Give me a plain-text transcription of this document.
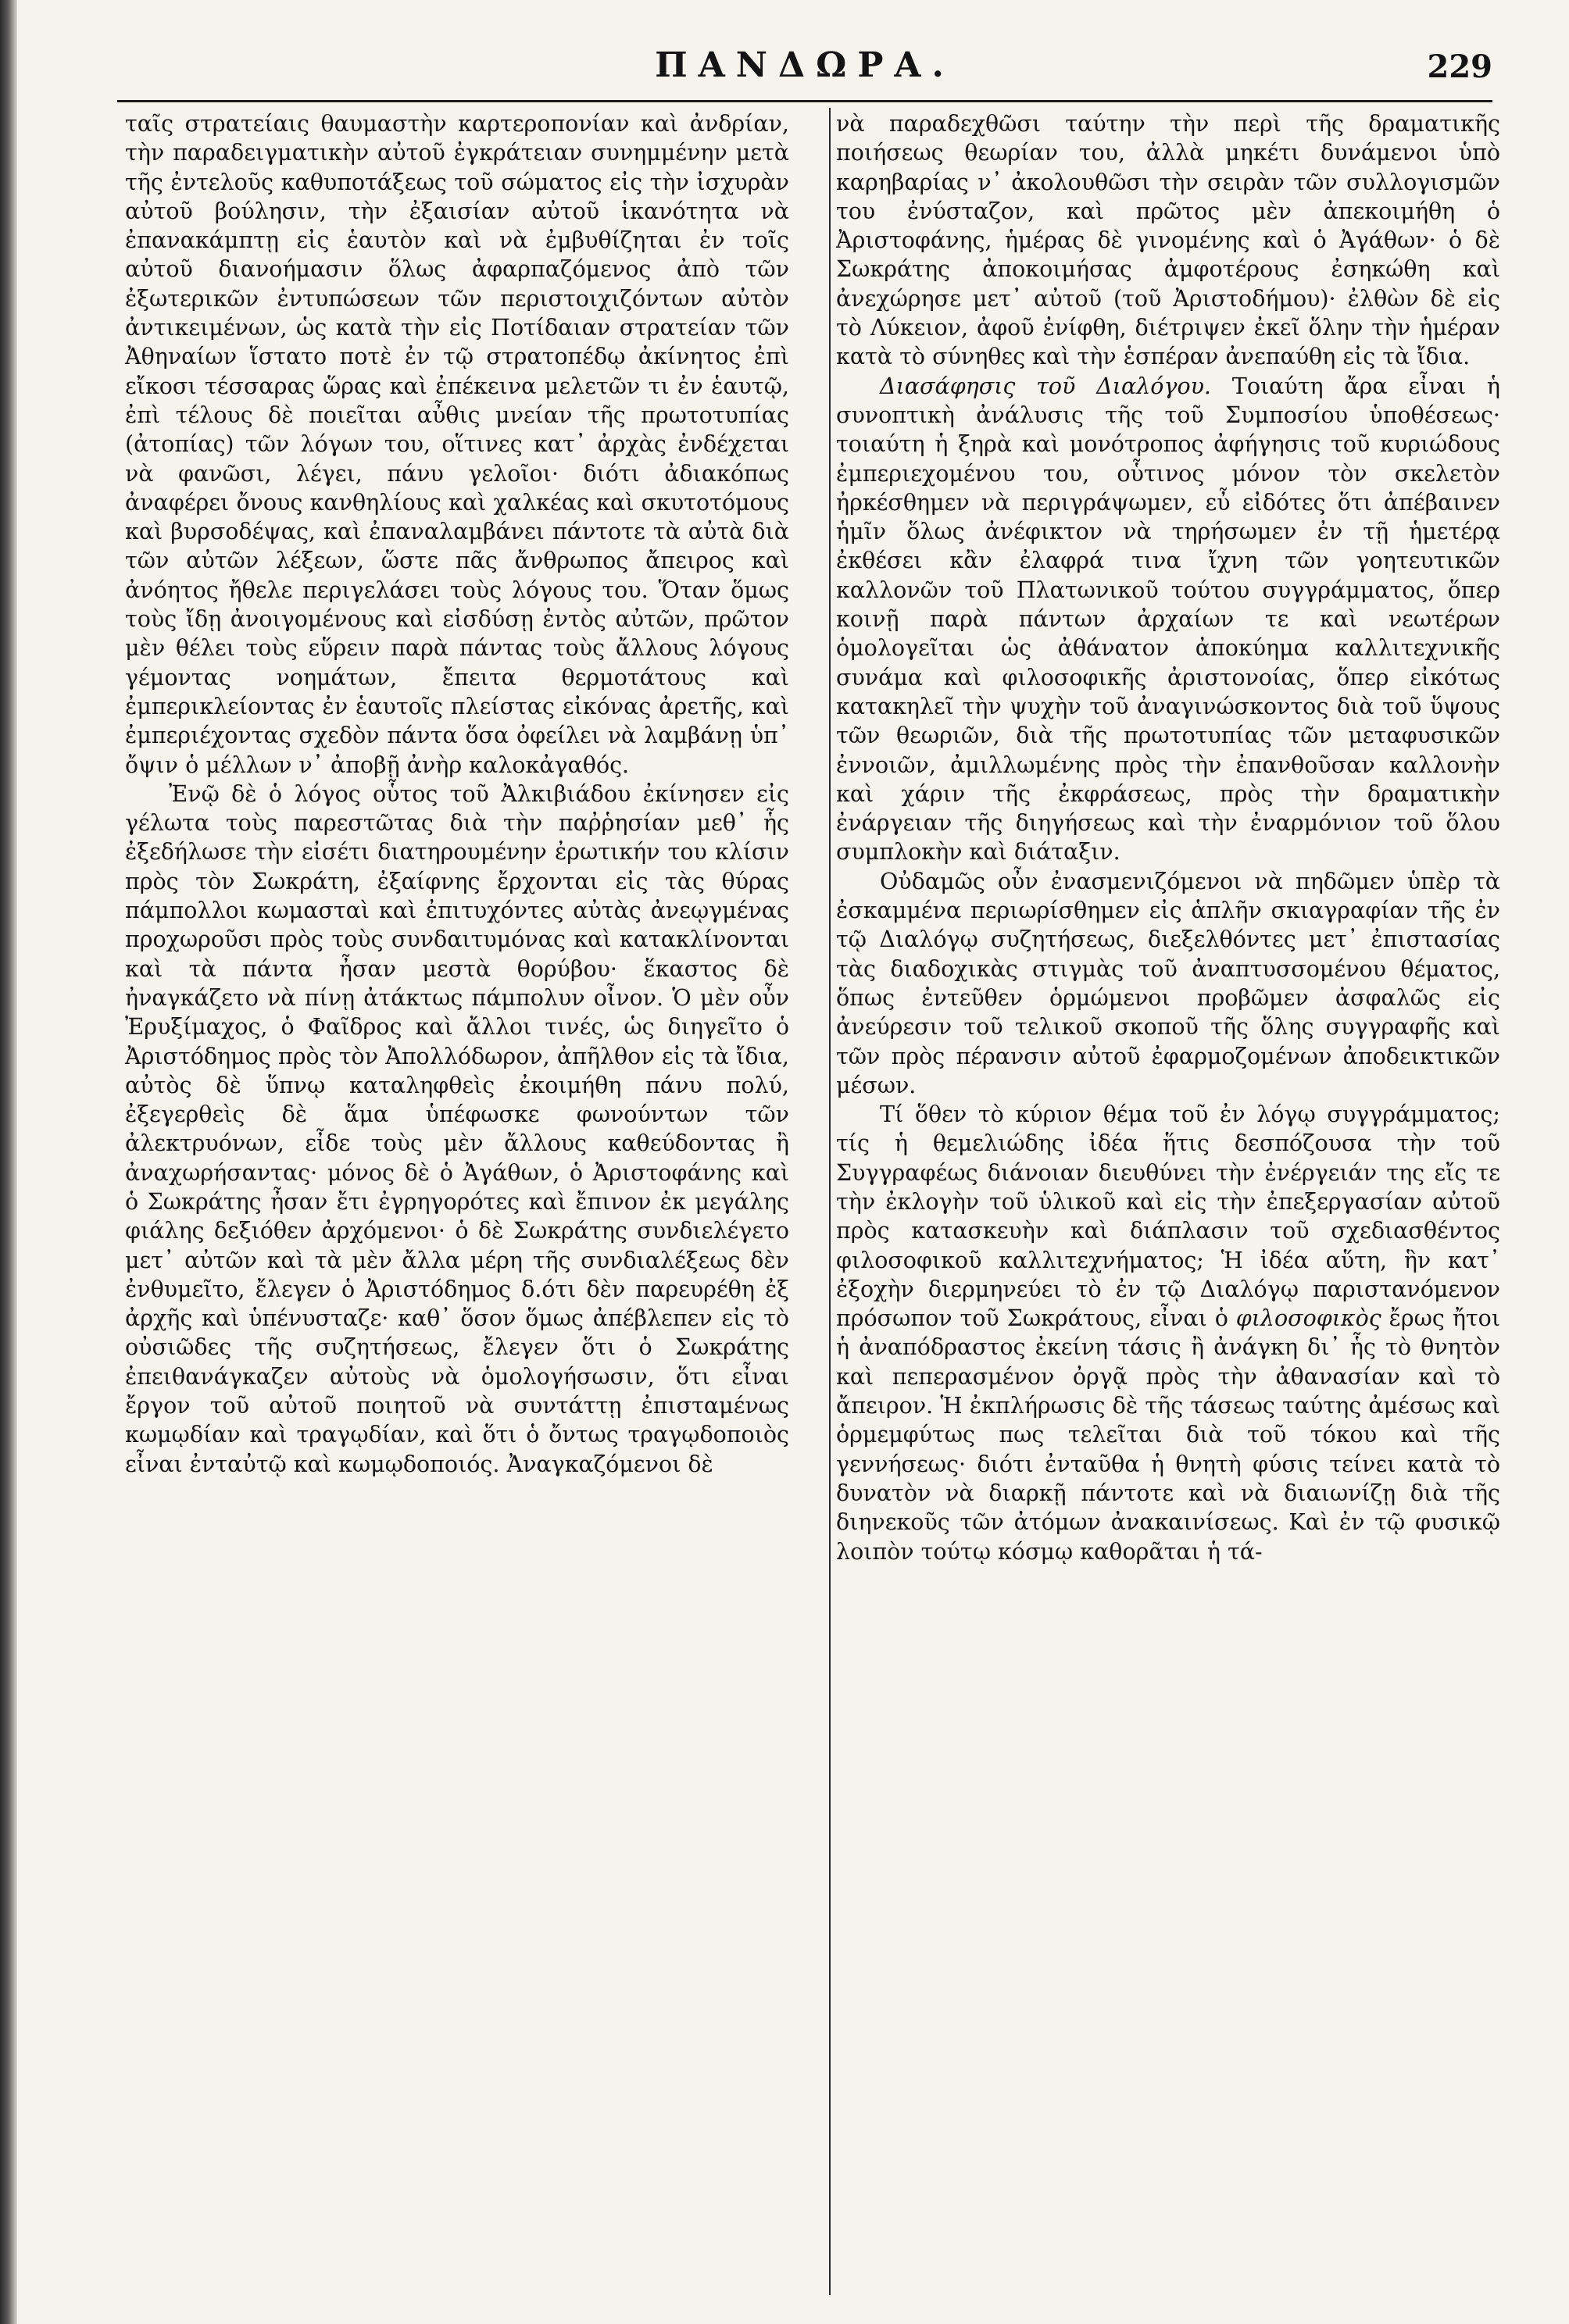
ΠΑΝΔΩΡΑ.	229

ταῖς στρατείαις θαυμαστὴν καρτεροπονίαν καὶ ἀνδρίαν, τὴν παραδειγματικὴν αὐτοῦ ἐγκράτειαν συνημμένην μετὰ τῆς ἐντελοῦς καθυποτάξεως τοῦ σώματος εἰς τὴν ἰσχυρὰν αὐτοῦ βούλησιν, τὴν ἐξαισίαν αὐτοῦ ἱκανότητα νὰ ἐπανακάμπτῃ εἰς ἑαυτὸν καὶ νὰ ἐμβυθίζηται ἐν τοῖς αὐτοῦ διανοήμασιν ὅλως ἀφαρπαζόμενος ἀπὸ τῶν ἐξωτερικῶν ἐντυπώσεων τῶν περιστοιχιζόντων αὐτὸν ἀντικειμένων, ὡς κατὰ τὴν εἰς Ποτίδαιαν στρατείαν τῶν Ἀθηναίων ἵστατο ποτὲ ἐν τῷ στρατοπέδῳ ἀκίνητος ἐπὶ εἴκοσι τέσσαρας ὥρας καὶ ἐπέκεινα μελετῶν τι ἐν ἑαυτῷ, ἐπὶ τέλους δὲ ποιεῖται αὖθις μνείαν τῆς πρωτοτυπίας (ἀτοπίας) τῶν λόγων του, οἵτινες κατ᾽ ἀρχὰς ἐνδέχεται νὰ φανῶσι, λέγει, πάνυ γελοῖοι· διότι ἀδιακόπως ἀναφέρει ὄνους κανθηλίους καὶ χαλκέας καὶ σκυτοτόμους καὶ βυρσοδέψας, καὶ ἐπαναλαμβάνει πάντοτε τὰ αὐτὰ διὰ τῶν αὐτῶν λέξεων, ὥστε πᾶς ἄνθρωπος ἄπειρος καὶ ἀνόητος ἤθελε περιγελάσει τοὺς λόγους του. Ὅταν ὅμως τοὺς ἴδῃ ἀνοιγομένους καὶ εἰσδύσῃ ἐντὸς αὐτῶν, πρῶτον μὲν θέλει τοὺς εὕρειν παρὰ πάντας τοὺς ἄλλους λόγους γέμοντας νοημάτων, ἔπειτα θερμοτάτους καὶ ἐμπερικλείοντας ἐν ἑαυτοῖς πλείστας εἰκόνας ἀρετῆς, καὶ ἐμπεριέχοντας σχεδὸν πάντα ὅσα ὀφείλει νὰ λαμβάνῃ ὑπ᾽ ὄψιν ὁ μέλλων ν᾽ ἀποβῇ ἀνὴρ καλοκἀγαθός.

Ἐνῷ δὲ ὁ λόγος οὗτος τοῦ Ἀλκιβιάδου ἐκίνησεν εἰς γέλωτα τοὺς παρεστῶτας διὰ τὴν παῤῥησίαν μεθ᾽ ἧς ἐξεδήλωσε τὴν εἰσέτι διατηρουμένην ἐρωτικήν του κλίσιν πρὸς τὸν Σωκράτη, ἐξαίφνης ἔρχονται εἰς τὰς θύρας πάμπολλοι κωμασταὶ καὶ ἐπιτυχόντες αὐτὰς ἀνεῳγμένας προχωροῦσι πρὸς τοὺς συνδαιτυμόνας καὶ κατακλίνονται καὶ τὰ πάντα ἦσαν μεστὰ θορύβου· ἕκαστος δὲ ἠναγκάζετο νὰ πίνῃ ἀτάκτως πάμπολυν οἶνον. Ὁ μὲν οὖν Ἐρυξίμαχος, ὁ Φαῖδρος καὶ ἄλλοι τινές, ὡς διηγεῖτο ὁ Ἀριστόδημος πρὸς τὸν Ἀπολλόδωρον, ἀπῆλθον εἰς τὰ ἴδια, αὐτὸς δὲ ὕπνῳ καταληφθεὶς ἐκοιμήθη πάνυ πολύ, ἐξεγερθεὶς δὲ ἅμα ὑπέφωσκε φωνούντων τῶν ἀλεκτρυόνων, εἶδε τοὺς μὲν ἄλλους καθεύδοντας ἢ ἀναχωρήσαντας· μόνος δὲ ὁ Ἀγάθων, ὁ Ἀριστοφάνης καὶ ὁ Σωκράτης ἦσαν ἔτι ἐγρηγορότες καὶ ἔπινον ἐκ μεγάλης φιάλης δεξιόθεν ἀρχόμενοι· ὁ δὲ Σωκράτης συνδιελέγετο μετ᾽ αὐτῶν καὶ τὰ μὲν ἄλλα μέρη τῆς συνδιαλέξεως δὲν ἐνθυμεῖτο, ἔλεγεν ὁ Ἀριστόδημος δ.ότι δὲν παρευρέθη ἐξ ἀρχῆς καὶ ὑπένυσταζε· καθ᾽ ὅσον ὅμως ἀπέβλεπεν εἰς τὸ οὐσιῶδες τῆς συζητήσεως, ἔλεγεν ὅτι ὁ Σωκράτης ἐπειθανάγκαζεν αὐτοὺς νὰ ὁμολογήσωσιν, ὅτι εἶναι ἔργον τοῦ αὐτοῦ ποιητοῦ νὰ συντάττῃ ἐπισταμένως κωμῳδίαν καὶ τραγῳδίαν, καὶ ὅτι ὁ ὄντως τραγῳδοποιὸς εἶναι ἐνταὐτῷ καὶ κωμῳδοποιός. Ἀναγκαζόμενοι δὲ

νὰ παραδεχθῶσι ταύτην τὴν περὶ τῆς δραματικῆς ποιήσεως θεωρίαν του, ἀλλὰ μηκέτι δυνάμενοι ὑπὸ καρηβαρίας ν᾽ ἀκολουθῶσι τὴν σειρὰν τῶν συλλογισμῶν του ἐνύσταζον, καὶ πρῶτος μὲν ἀπεκοιμήθη ὁ Ἀριστοφάνης, ἡμέρας δὲ γινομένης καὶ ὁ Ἀγάθων· ὁ δὲ Σωκράτης ἀποκοιμήσας ἀμφοτέρους ἐσηκώθη καὶ ἀνεχώρησε μετ᾽ αὐτοῦ (τοῦ Ἀριστοδήμου)· ἐλθὼν δὲ εἰς τὸ Λύκειον, ἀφοῦ ἐνίφθη, διέτριψεν ἐκεῖ ὅλην τὴν ἡμέραν κατὰ τὸ σύνηθες καὶ τὴν ἑσπέραν ἀνεπαύθη εἰς τὰ ἴδια.

Διασάφησις τοῦ Διαλόγου. Τοιαύτη ἄρα εἶναι ἡ συνοπτικὴ ἀνάλυσις τῆς τοῦ Συμποσίου ὑποθέσεως· τοιαύτη ἡ ξηρὰ καὶ μονότροπος ἀφήγησις τοῦ κυριώδους ἐμπεριεχομένου του, οὗτινος μόνον τὸν σκελετὸν ἠρκέσθημεν νὰ περιγράψωμεν, εὖ εἰδότες ὅτι ἀπέβαινεν ἡμῖν ὅλως ἀνέφικτον νὰ τηρήσωμεν ἐν τῇ ἡμετέρᾳ ἐκθέσει κἂν ἐλαφρά τινα ἴχνη τῶν γοητευτικῶν καλλονῶν τοῦ Πλατωνικοῦ τούτου συγγράμματος, ὅπερ κοινῇ παρὰ πάντων ἀρχαίων τε καὶ νεωτέρων ὁμολογεῖται ὡς ἀθάνατον ἀποκύημα καλλιτεχνικῆς συνάμα καὶ φιλοσοφικῆς ἀριστονοίας, ὅπερ εἰκότως κατακηλεῖ τὴν ψυχὴν τοῦ ἀναγινώσκοντος διὰ τοῦ ὕψους τῶν θεωριῶν, διὰ τῆς πρωτοτυπίας τῶν μεταφυσικῶν ἐννοιῶν, ἀμιλλωμένης πρὸς τὴν ἐπανθοῦσαν καλλονὴν καὶ χάριν τῆς ἐκφράσεως, πρὸς τὴν δραματικὴν ἐνάργειαν τῆς διηγήσεως καὶ τὴν ἐναρμόνιον τοῦ ὅλου συμπλοκὴν καὶ διάταξιν.

Οὐδαμῶς οὖν ἐνασμενιζόμενοι νὰ πηδῶμεν ὑπὲρ τὰ ἐσκαμμένα περιωρίσθημεν εἰς ἁπλῆν σκιαγραφίαν τῆς ἐν τῷ Διαλόγῳ συζητήσεως, διεξελθόντες μετ᾽ ἐπιστασίας τὰς διαδοχικὰς στιγμὰς τοῦ ἀναπτυσσομένου θέματος, ὅπως ἐντεῦθεν ὁρμώμενοι προβῶμεν ἀσφαλῶς εἰς ἀνεύρεσιν τοῦ τελικοῦ σκοποῦ τῆς ὅλης συγγραφῆς καὶ τῶν πρὸς πέρανσιν αὐτοῦ ἐφαρμοζομένων ἀποδεικτικῶν μέσων.

Τί ὅθεν τὸ κύριον θέμα τοῦ ἐν λόγῳ συγγράμματος; τίς ἡ θεμελιώδης ἰδέα ἥτις δεσπόζουσα τὴν τοῦ Συγγραφέως διάνοιαν διευθύνει τὴν ἐνέργειάν της εἴς τε τὴν ἐκλογὴν τοῦ ὑλικοῦ καὶ εἰς τὴν ἐπεξεργασίαν αὐτοῦ πρὸς κατασκευὴν καὶ διάπλασιν τοῦ σχεδιασθέντος φιλοσοφικοῦ καλλιτεχνήματος; Ἡ ἰδέα αὕτη, ἣν κατ᾽ ἐξοχὴν διερμηνεύει τὸ ἐν τῷ Διαλόγῳ παριστανόμενον πρόσωπον τοῦ Σωκράτους, εἶναι ὁ φιλοσοφικὸς ἔρως ἤτοι ἡ ἀναπόδραστος ἐκείνη τάσις ἢ ἀνάγκη δι᾽ ἧς τὸ θνητὸν καὶ πεπερασμένον ὀργᾷ πρὸς τὴν ἀθανασίαν καὶ τὸ ἄπειρον. Ἡ ἐκπλήρωσις δὲ τῆς τάσεως ταύτης ἀμέσως καὶ ὁρμεμφύτως πως τελεῖται διὰ τοῦ τόκου καὶ τῆς γεννήσεως· διότι ἐνταῦθα ἡ θνητὴ φύσις τείνει κατὰ τὸ δυνατὸν νὰ διαρκῇ πάντοτε καὶ νὰ διαιωνίζῃ διὰ τῆς διηνεκοῦς τῶν ἀτόμων ἀνακαινίσεως. Καὶ ἐν τῷ φυσικῷ λοιπὸν τούτῳ κόσμῳ καθορᾶται ἡ τά-
